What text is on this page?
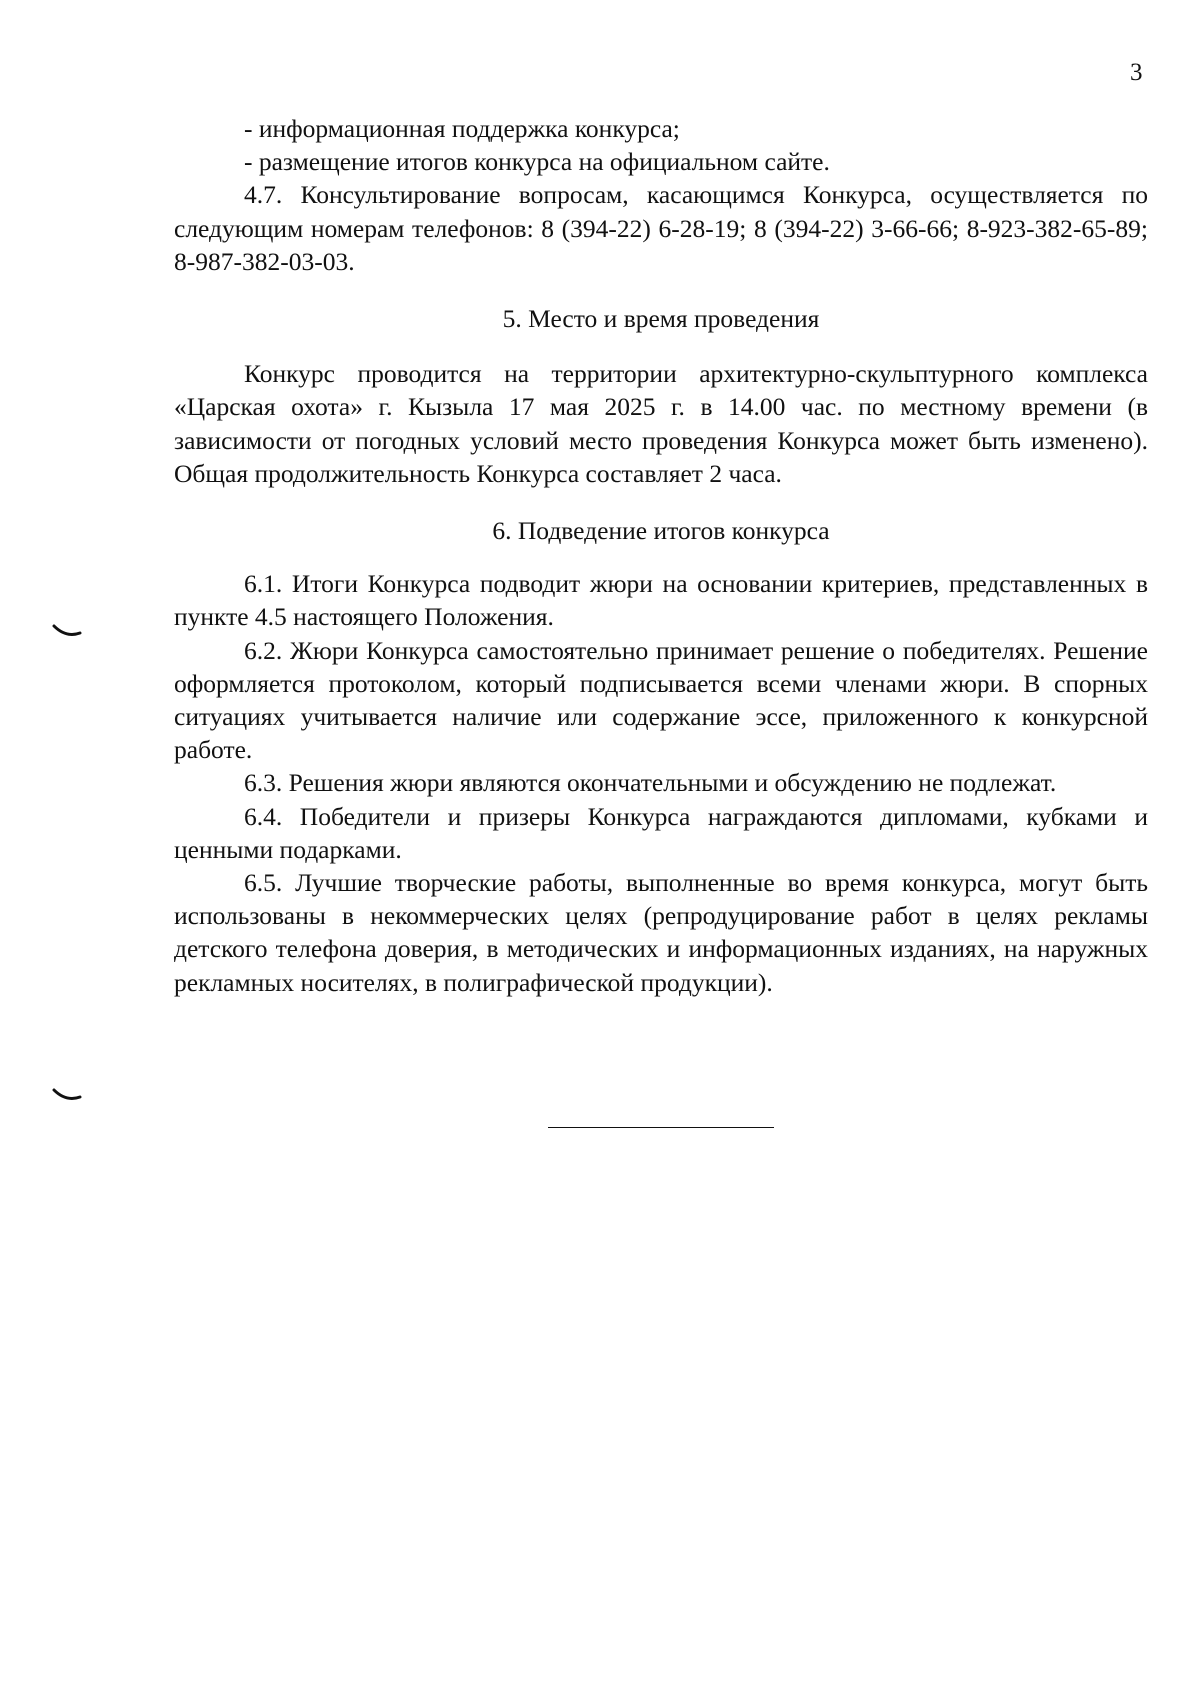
3

- информационная поддержка конкурса;

- размещение итогов конкурса на официальном сайте.

4.7. Консультирование вопросам, касающимся Конкурса, осуществляется по следующим номерам телефонов: 8 (394-22) 6-28-19; 8 (394-22) 3-66-66; 8-923-382-65-89; 8-987-382-03-03.

5. Место и время проведения

Конкурс проводится на территории архитектурно-скульптурного комплекса «Царская охота» г. Кызыла 17 мая 2025 г. в 14.00 час. по местному времени (в зависимости от погодных условий место проведения Конкурса может быть изменено). Общая продолжительность Конкурса составляет 2 часа.

6. Подведение итогов конкурса

6.1. Итоги Конкурса подводит жюри на основании критериев, представленных в пункте 4.5 настоящего Положения.

6.2. Жюри Конкурса самостоятельно принимает решение о победителях. Решение оформляется протоколом, который подписывается всеми членами жюри. В спорных ситуациях учитывается наличие или содержание эссе, приложенного к конкурсной работе.

6.3. Решения жюри являются окончательными и обсуждению не подлежат.

6.4. Победители и призеры Конкурса награждаются дипломами, кубками и ценными подарками.

6.5. Лучшие творческие работы, выполненные во время конкурса, могут быть использованы в некоммерческих целях (репродуцирование работ в целях рекламы детского телефона доверия, в методических и информационных изданиях, на наружных рекламных носителях, в полиграфической продукции).
